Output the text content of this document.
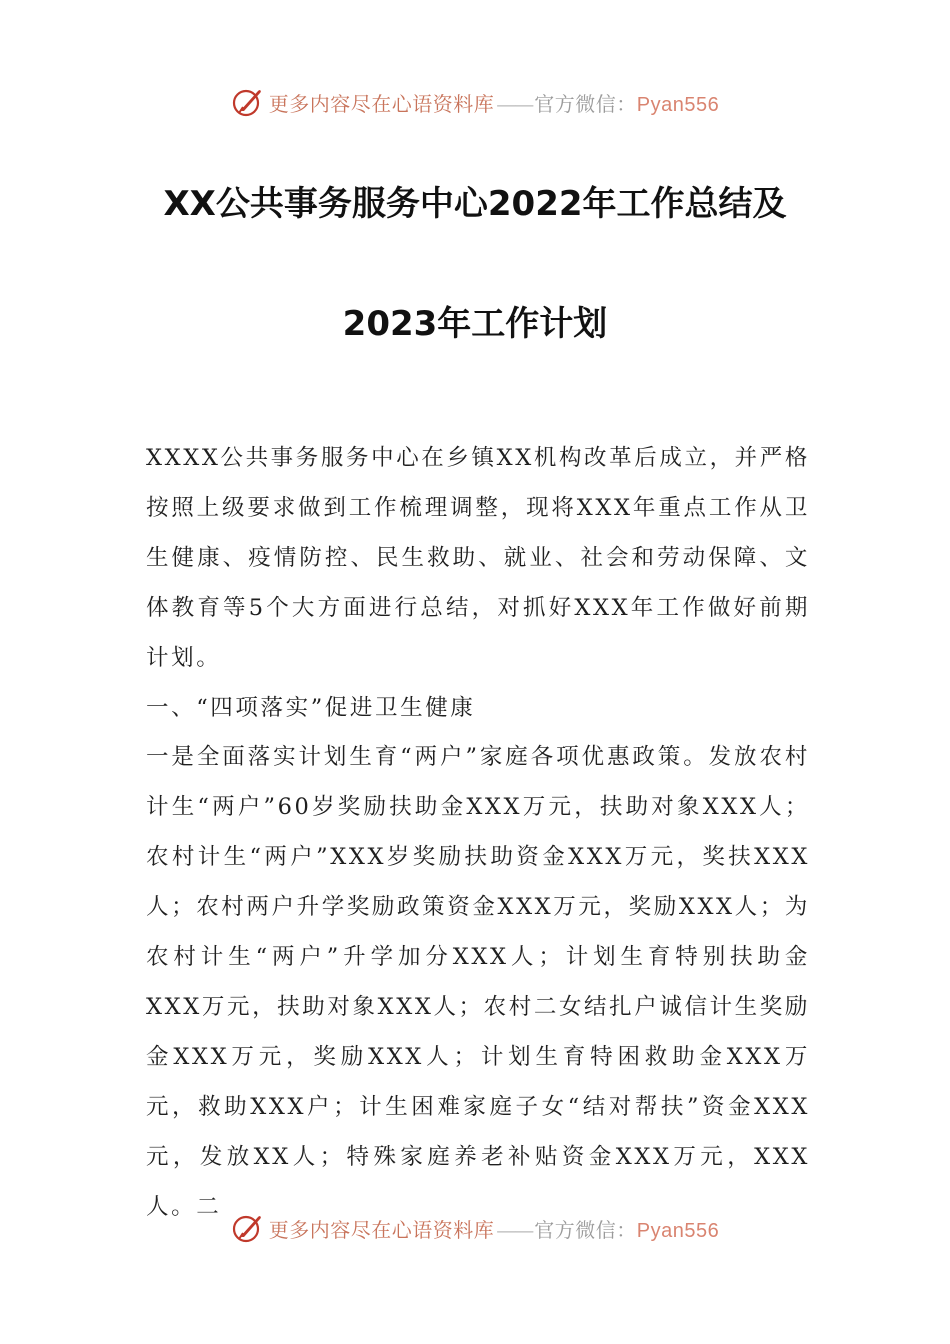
更多内容尽在心语资料库 —— 官方微信：Pyan556
XX公共事务服务中心2022年工作总结及
2023年工作计划

XXXX公共事务服务中心在乡镇XX机构改革后成立，并严格按照上级要求做到工作梳理调整，现将XXX年重点工作从卫生健康、疫情防控、民生救助、就业、社会和劳动保障、文体教育等5个大方面进行总结，对抓好XXX年工作做好前期计划。

一、“四项落实”促进卫生健康

一是全面落实计划生育“两户”家庭各项优惠政策。发放农村计生“两户”60岁奖励扶助金XXX万元，扶助对象XXX人；农村计生“两户”XXX岁奖励扶助资金XXX万元，奖扶XXX人；农村两户升学奖励政策资金XXX万元，奖励XXX人；为农村计生“两户”升学加分XXX人；计划生育特别扶助金XXX万元，扶助对象XXX人；农村二女结扎户诚信计生奖励金XXX万元，奖励XXX人；计划生育特困救助金XXX万元，救助XXX户；计生困难家庭子女“结对帮扶”资金XXX元，发放XX人；特殊家庭养老补贴资金XXX万元，XXX人。二

更多内容尽在心语资料库 —— 官方微信：Pyan556
